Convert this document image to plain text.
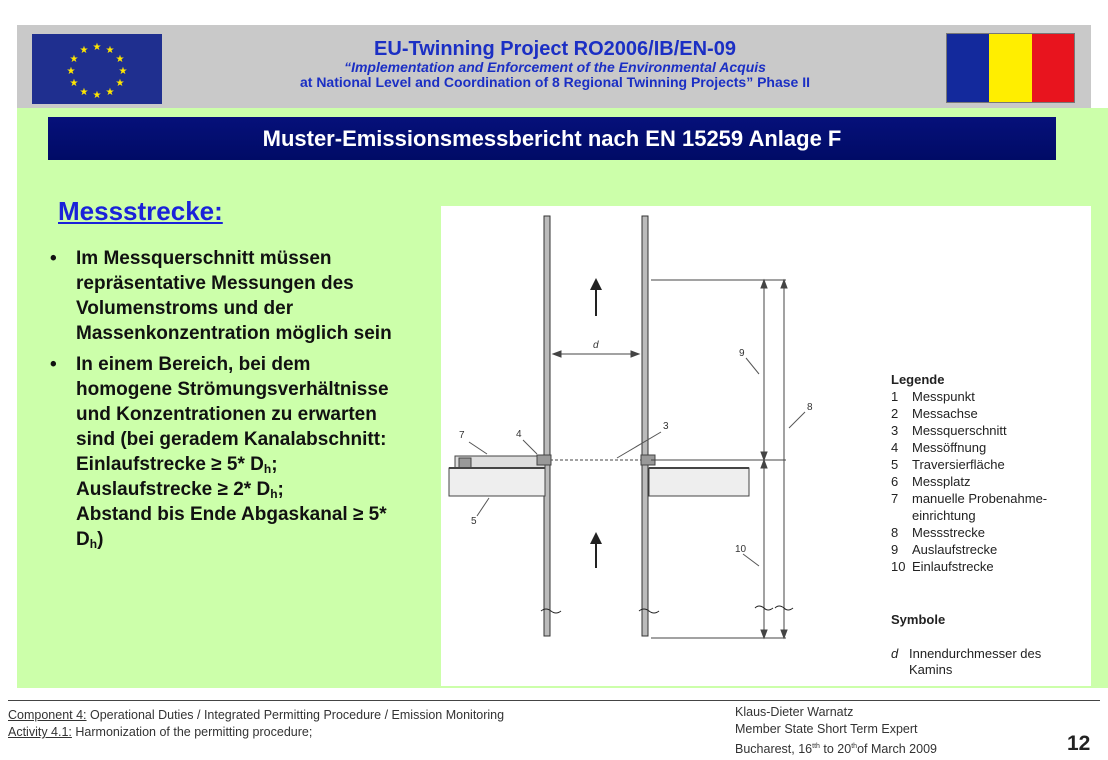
★ ★
★
★
★
★
★
★
★
★
★
★	EU-Twinning Project RO2006/IB/EN-09
“Implementation and Enforcement of the Environmental Acquis
at National Level and Coordination of 8 Regional Twinning Projects” Phase II
Muster-Emissionsmessbericht nach EN 15259 Anlage F
Messstrecke:
• Im Messquerschnitt müssen repräsentative Messungen des Volumenstroms und der Massenkonzentration möglich sein
• In einem Bereich, bei dem homogene Strömungsverhältnisse und Konzentrationen zu erwarten sind (bei geradem Kanalabschnitt:
Einlaufstrecke ≥ 5* $D_h$;
Auslaufstrecke ≥ 2* $D_h$;
Abstand bis Ende Abgaskanal ≥ 5* $D_h$)
d
9
8
7	4
3
5
10
Legende
1 Messpunkt
2 Messachse
3 Messquerschnitt
4 Messöffnung
5 Traversierfläche
6 Messplatz
7 manuelle Probenahme-
einrichtung
8 Messstrecke
9 Auslaufstrecke
10 Einlaufstrecke
Symbole
d Innendurchmesser des
Kamins
Component 4: Operational Duties / Integrated Permitting Procedure / Emission Monitoring
Activity 4.1: Harmonization of the permitting procedure;
Klaus-Dieter Warnatz
Member State Short Term Expert
Bucharest, $16^{tth}$ to 20thof March 2009	12
